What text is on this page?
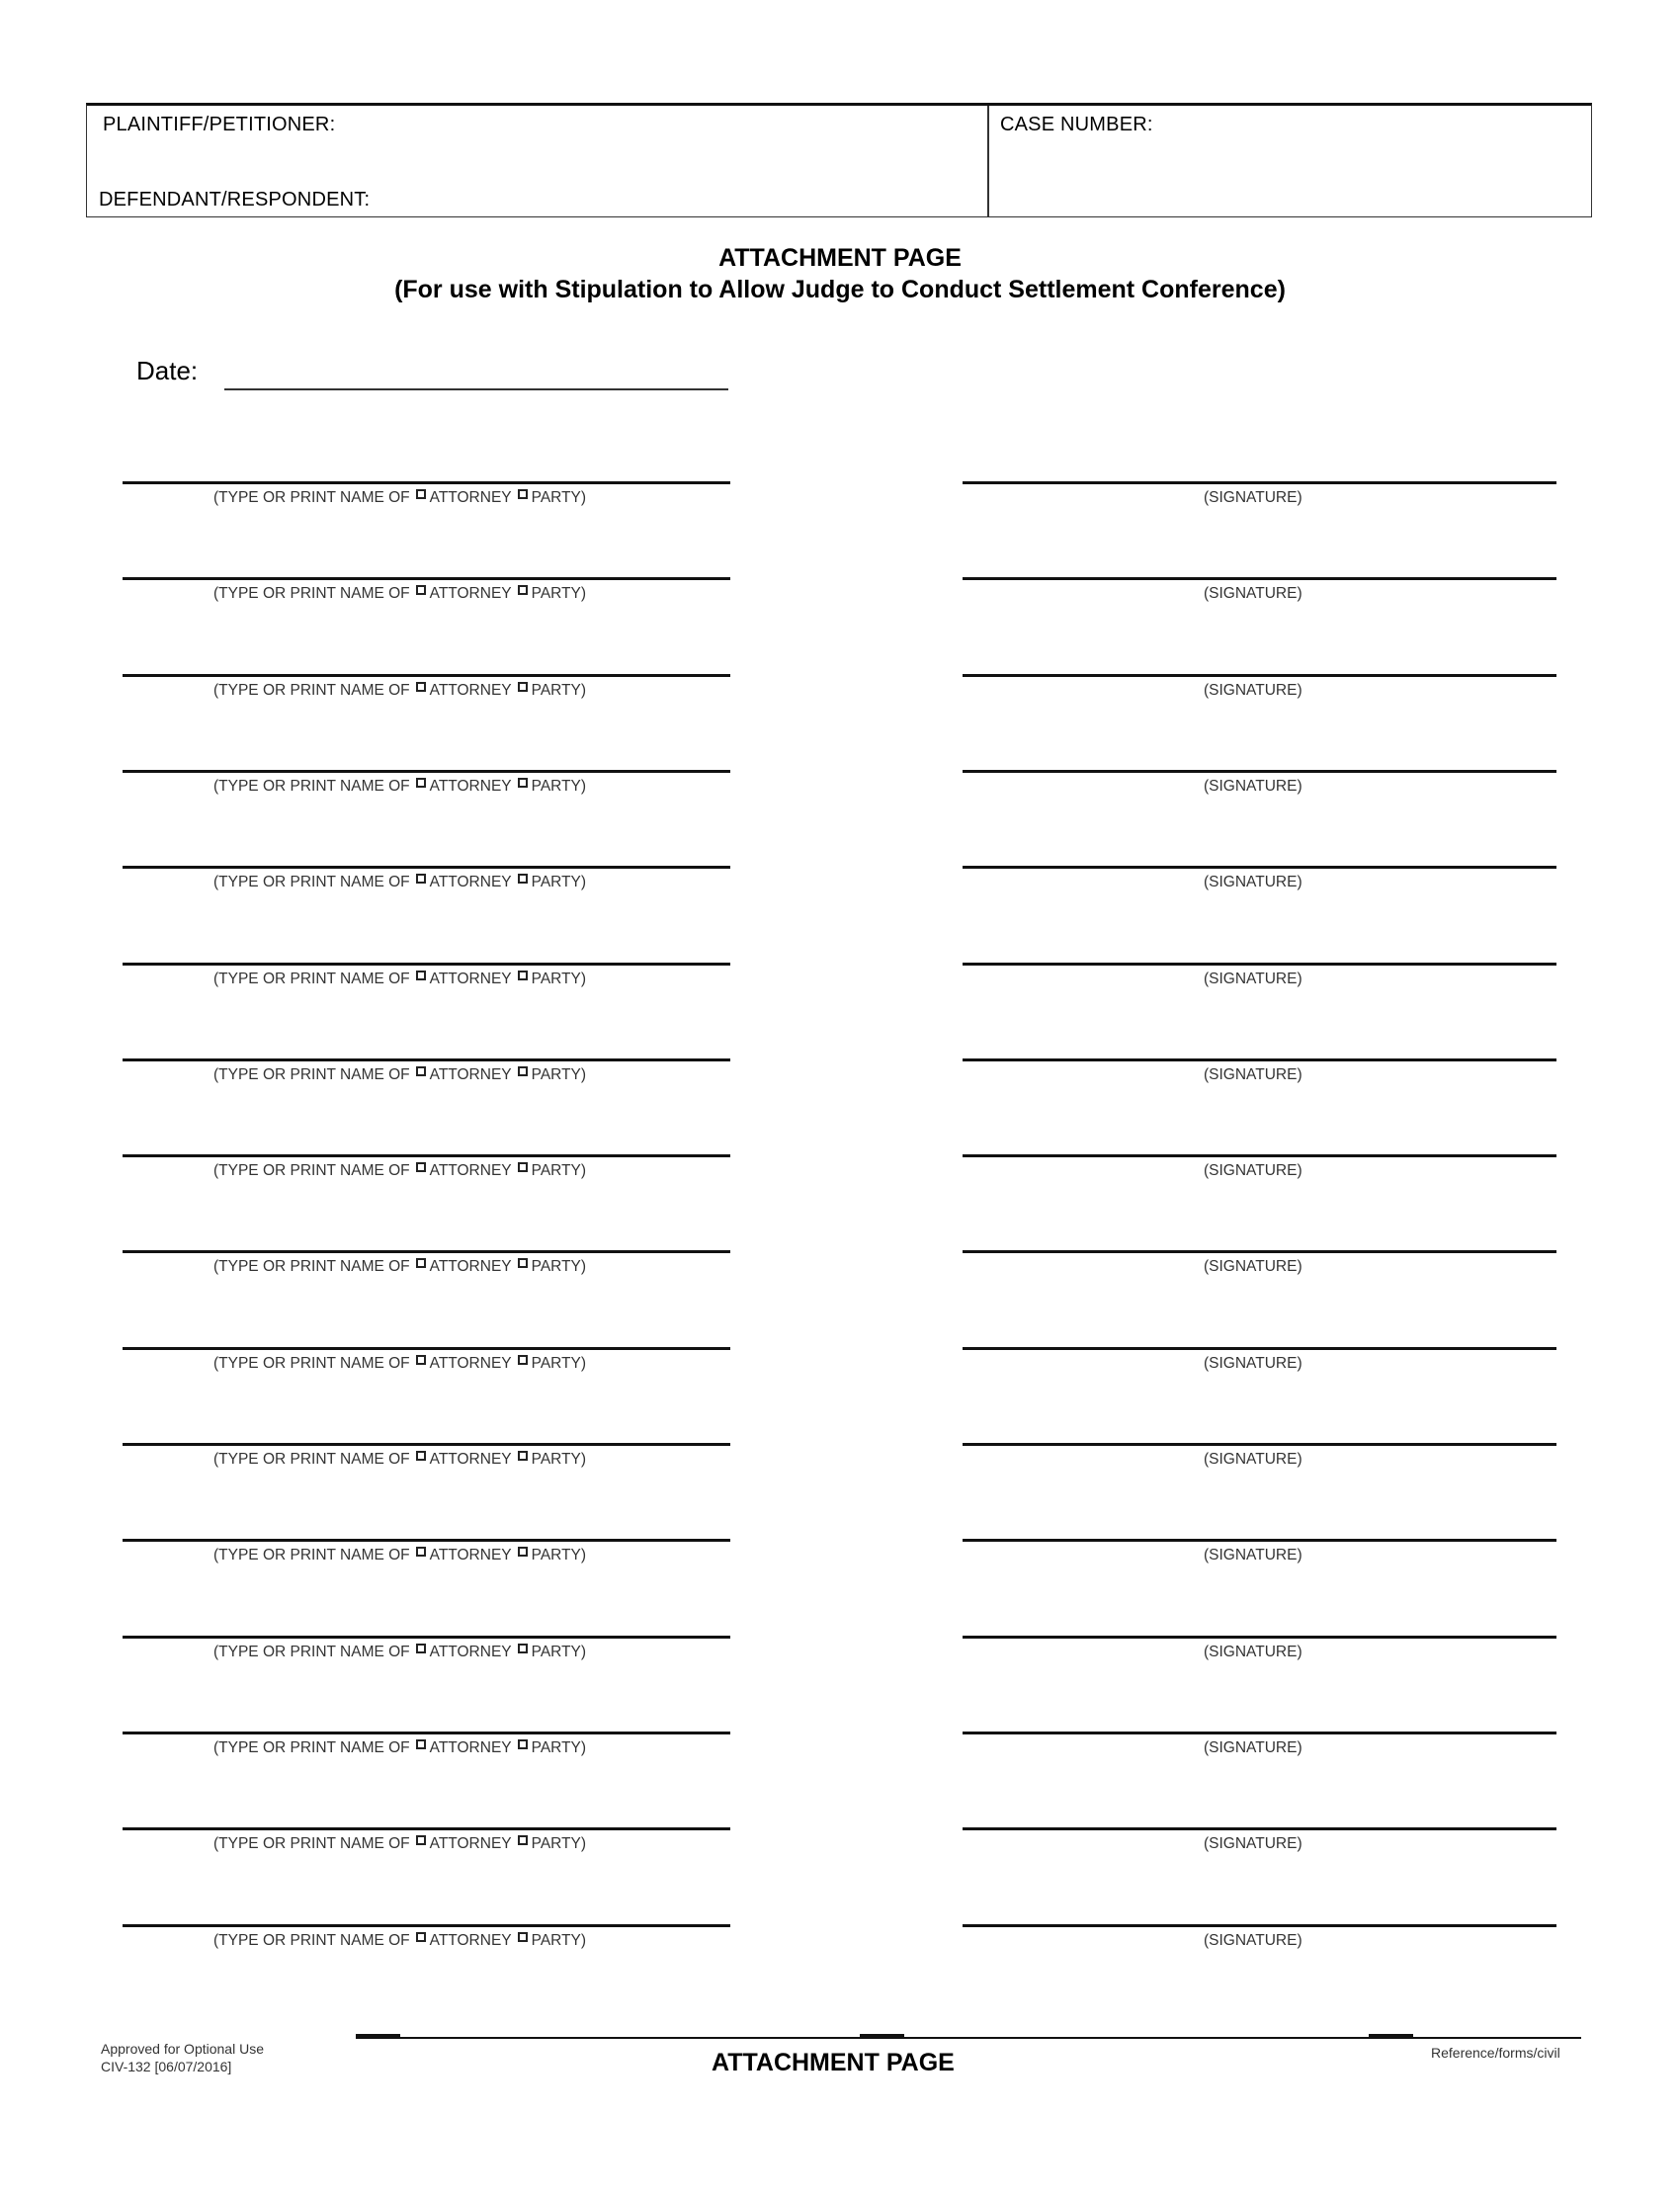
PLAINTIFF/PETITIONER:
DEFENDANT/RESPONDENT:
CASE NUMBER:
ATTACHMENT PAGE
(For use with Stipulation to Allow Judge to Conduct Settlement Conference)
Date:
(TYPE OR PRINT NAME OF ATTORNEY PARTY)	(SIGNATURE)
(TYPE OR PRINT NAME OF ATTORNEY PARTY)	(SIGNATURE)
(TYPE OR PRINT NAME OF ATTORNEY PARTY)	(SIGNATURE)
(TYPE OR PRINT NAME OF ATTORNEY PARTY)	(SIGNATURE)
(TYPE OR PRINT NAME OF ATTORNEY PARTY)	(SIGNATURE)
(TYPE OR PRINT NAME OF ATTORNEY PARTY)	(SIGNATURE)
(TYPE OR PRINT NAME OF ATTORNEY PARTY)	(SIGNATURE)
(TYPE OR PRINT NAME OF ATTORNEY PARTY)	(SIGNATURE)
(TYPE OR PRINT NAME OF ATTORNEY PARTY)	(SIGNATURE)
(TYPE OR PRINT NAME OF ATTORNEY PARTY)	(SIGNATURE)
(TYPE OR PRINT NAME OF ATTORNEY PARTY)	(SIGNATURE)
(TYPE OR PRINT NAME OF ATTORNEY PARTY)	(SIGNATURE)
(TYPE OR PRINT NAME OF ATTORNEY PARTY)	(SIGNATURE)
(TYPE OR PRINT NAME OF ATTORNEY PARTY)	(SIGNATURE)
(TYPE OR PRINT NAME OF ATTORNEY PARTY)	(SIGNATURE)
(TYPE OR PRINT NAME OF ATTORNEY PARTY)	(SIGNATURE)
Approved for Optional Use
CIV-132 [06/07/2016]	ATTACHMENT PAGE	Reference/forms/civil
